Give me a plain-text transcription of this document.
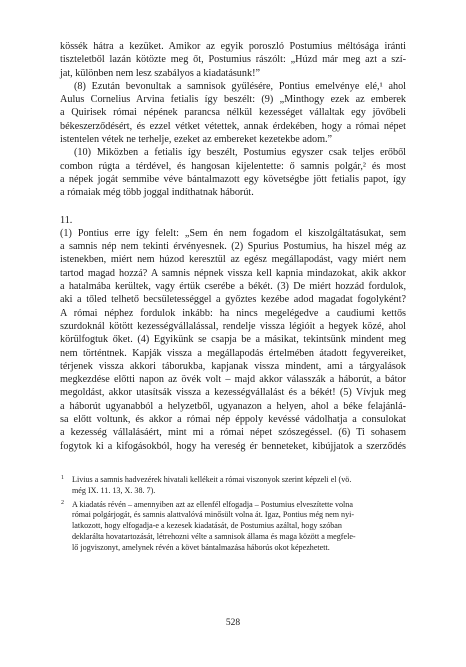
kössék hátra a kezüket. Amikor az egyik poroszló Postumius méltósága iránti
tiszteletből lazán kötözte meg őt, Postumius rászólt: „Húzd már meg azt a szí-
jat, különben nem lesz szabályos a kiadatásunk!”
(8) Ezután bevonultak a samnisok gyűlésére, Pontius emelvénye elé,¹ ahol
Aulus Cornelius Arvina fetialis így beszélt: (9) „Minthogy ezek az emberek
a Quirisek római népének parancsa nélkül kezességet vállaltak egy jövőbeli
békeszerződésért, és ezzel vétket vétettek, annak érdekében, hogy a római népet
istentelen vétek ne terhelje, ezeket az embereket kezetekbe adom.”
(10) Miközben a fetialis így beszélt, Postumius egyszer csak teljes erőből
combon rúgta a térdével, és hangosan kijelentette: ő samnis polgár,² és most
a népek jogát semmibe véve bántalmazott egy követségbe jött fetialis papot, így
a rómaiak még több joggal indíthatnak háborút.
11.
(1) Pontius erre így felelt: „Sem én nem fogadom el kiszolgáltatásukat, sem
a samnis nép nem tekinti érvényesnek. (2) Spurius Postumius, ha hiszel még az
istenekben, miért nem húzod keresztül az egész megállapodást, vagy miért nem
tartod magad hozzá? A samnis népnek vissza kell kapnia mindazokat, akik akkor
a hatalmába kerültek, vagy értük cserébe a békét. (3) De miért hozzád fordulok,
aki a tőled telhető becsületességgel a győztes kezébe adod magadat fogolyként?
A római néphez fordulok inkább: ha nincs megelégedve a caudiumi kettős
szurdoknál kötött kezességvállalással, rendelje vissza légióit a hegyek közé, ahol
körülfogtuk őket. (4) Egyikünk se csapja be a másikat, tekintsünk mindent meg
nem történtnek. Kapják vissza a megállapodás értelmében átadott fegyvereiket,
térjenek vissza akkori táborukba, kapjanak vissza mindent, ami a tárgyalások
megkezdése előtti napon az övék volt – majd akkor válasszák a háborút, a bátor
megoldást, akkor utasítsák vissza a kezességvállalást és a békét! (5) Vívjuk meg
a háborút ugyanabból a helyzetből, ugyanazon a helyen, ahol a béke felajánlá-
sa előtt voltunk, és akkor a római nép éppoly kevéssé vádolhatja a consulokat
a kezesség vállalásáért, mint mi a római népet szószegéssel. (6) Ti sohasem
fogytok ki a kifogásokból, hogy ha vereség ér benneteket, kibújjatok a szerződés
1 Livius a samnis hadvezérek hivatali kellékeit a római viszonyok szerint képzeli el (vö.
még IX. 11. 13, X. 38. 7).
2 A kiadatás révén – amennyiben azt az ellenfél elfogadja – Postumius elveszítette volna
római polgárjogát, és samnis alattvalóvá minősült volna át. Igaz, Pontius még nem nyi-
latkozott, hogy elfogadja-e a kezesek kiadatását, de Postumius azáltal, hogy szóban
deklarálta hovatartozását, létrehozni vélte a samnisok állama és maga között a megfele-
lő jogviszonyt, amelynek révén a követ bántalmazása háborús okot képezhetett.
528
